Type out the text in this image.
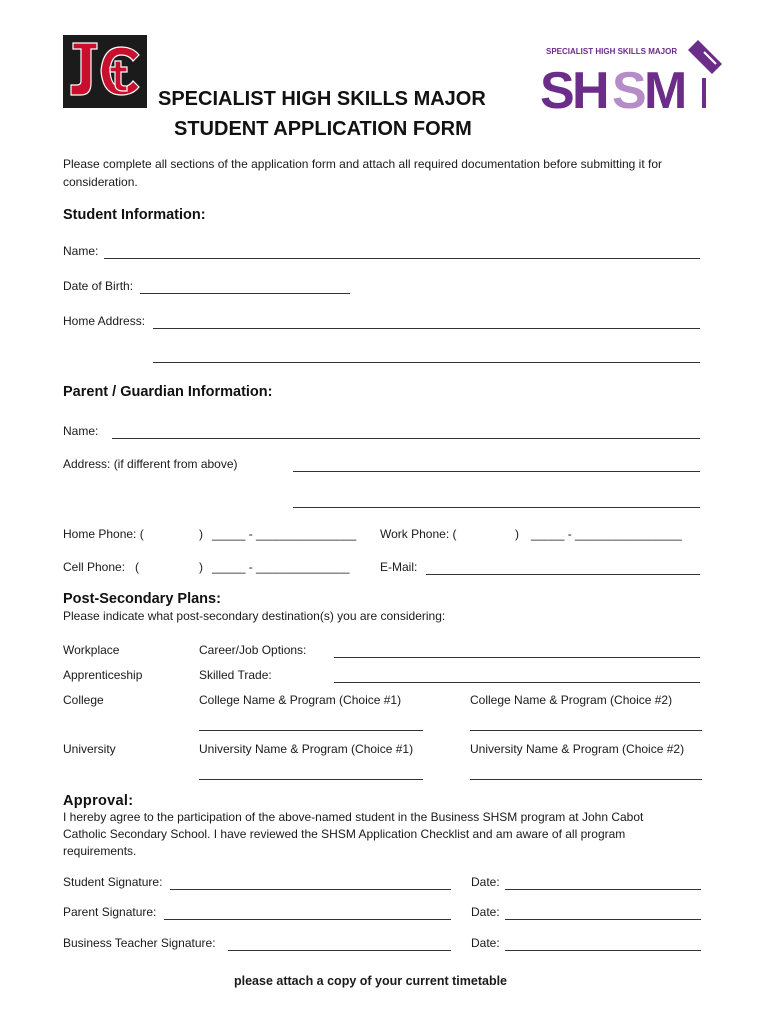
SPECIALIST HIGH SKILLS MAJOR
S H S M
SPECIALIST HIGH SKILLS MAJOR
STUDENT APPLICATION FORM
Please complete all sections of the application form and attach all required documentation before submitting it for
consideration.
Student Information:
Name:
Date of Birth:
Home Address:
Parent / Guardian Information:
Name:
Address: (if different from above)
Home Phone: (	) _____ - _______________ Work Phone: (	) _____ - ________________
Cell Phone:   (	) _____ - ______________	E-Mail:
Post-Secondary Plans:
Please indicate what post-secondary destination(s) you are considering:
Workplace	Career/Job Options:
Apprenticeship	Skilled Trade:
College	College Name & Program (Choice #1)	College Name & Program (Choice #2)
University	University Name & Program (Choice #1)	University Name & Program (Choice #2)
Approval:
I hereby agree to the participation of the above-named student in the Business SHSM program at John Cabot
Catholic Secondary School. I have reviewed the SHSM Application Checklist and am aware of all program
requirements.
Student Signature:	Date:
Parent Signature:	Date:
Business Teacher Signature:	Date:
please attach a copy of your current timetable
